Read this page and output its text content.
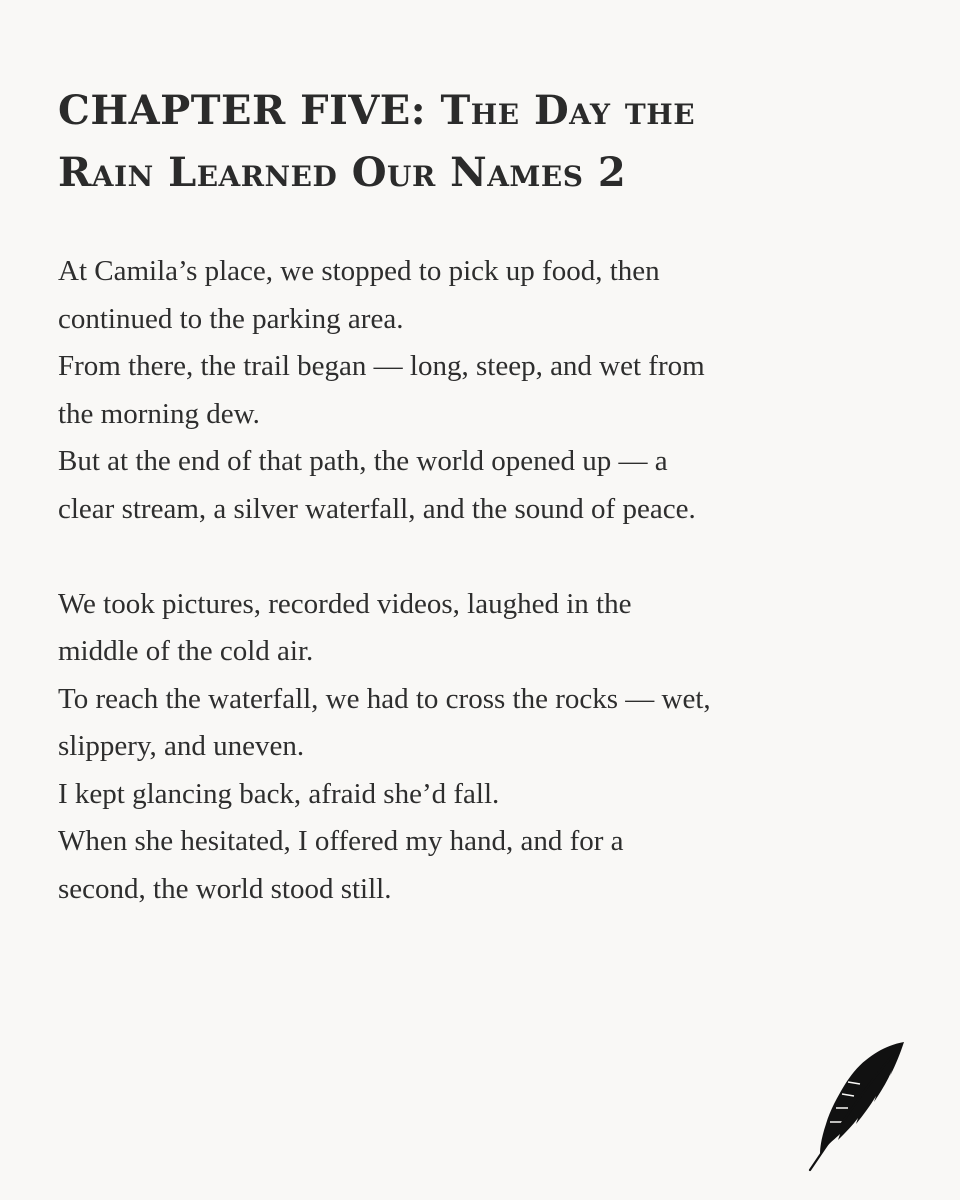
CHAPTER FIVE: The Day the
Rain Learned Our Names 2
At Camila’s place, we stopped to pick up food, then
continued to the parking area.
From there, the trail began — long, steep, and wet from
the morning dew.
But at the end of that path, the world opened up — a
clear stream, a silver waterfall, and the sound of peace.
We took pictures, recorded videos, laughed in the
middle of the cold air.
To reach the waterfall, we had to cross the rocks — wet,
slippery, and uneven.
I kept glancing back, afraid she’d fall.
When she hesitated, I offered my hand, and for a
second, the world stood still.
